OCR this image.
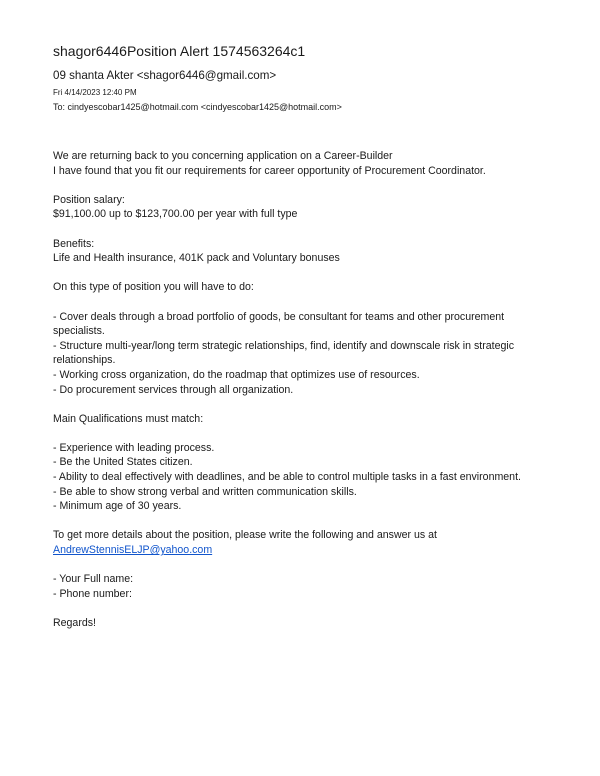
shagor6446Position Alert 1574563264c1
09 shanta Akter <shagor6446@gmail.com>
Fri 4/14/2023 12:40 PM
To: cindyescobar1425@hotmail.com <cindyescobar1425@hotmail.com>
We are returning back to you concerning application on a Career-Builder
I have found that you fit our requirements for career opportunity of Procurement Coordinator.
Position salary:
$91,100.00 up to $123,700.00 per year with full type
Benefits:
Life and Health insurance, 401K pack and Voluntary bonuses
On this type of position you will have to do:
- Cover deals through a broad portfolio of goods, be consultant for teams and other procurement specialists.
- Structure multi-year/long term strategic relationships, find, identify and downscale risk in strategic relationships.
- Working cross organization, do the roadmap that optimizes use of resources.
- Do procurement services through all organization.
Main Qualifications must match:
- Experience with leading process.
- Be the United States citizen.
- Ability to deal effectively with deadlines, and be able to control multiple tasks in a fast environment.
- Be able to show strong verbal and written communication skills.
- Minimum age of 30 years.
To get more details about the position, please write the following and answer us at
AndrewStennisELJP@yahoo.com
- Your Full name:
- Phone number:
Regards!
